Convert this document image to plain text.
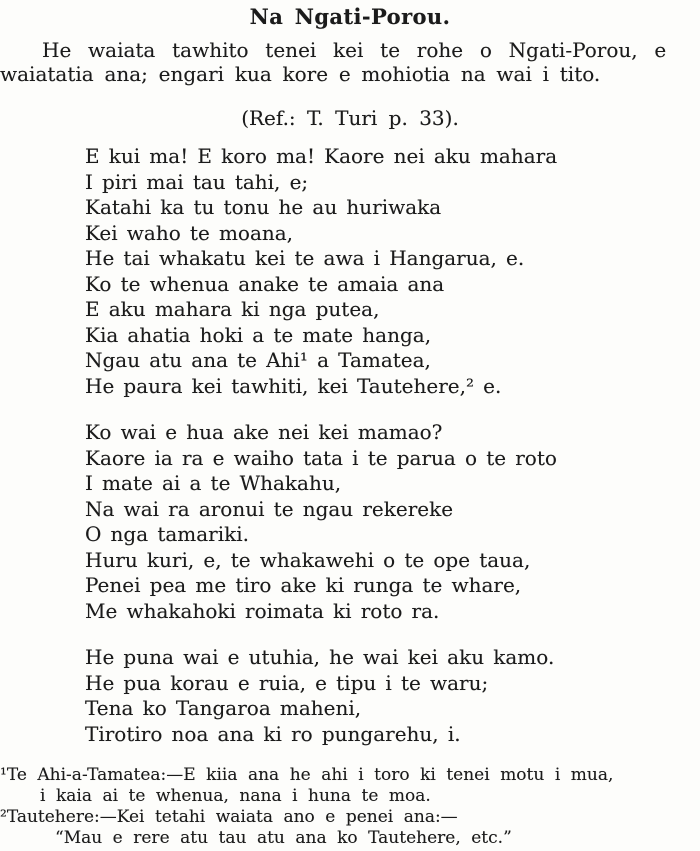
Na Ngati-Porou.
He waiata tawhito tenei kei te rohe o Ngati-Porou, e
waiatatia ana; engari kua kore e mohiotia na wai i tito.
(Ref.: T. Turi p. 33).
E kui ma! E koro ma! Kaore nei aku mahara
I piri mai tau tahi, e;
Katahi ka tu tonu he au huriwaka
Kei waho te moana,
He tai whakatu kei te awa i Hangarua, e.
Ko te whenua anake te amaia ana
E aku mahara ki nga putea,
Kia ahatia hoki a te mate hanga,
Ngau atu ana te Ahi¹ a Tamatea,
He paura kei tawhiti, kei Tautehere,² e.
Ko wai e hua ake nei kei mamao?
Kaore ia ra e waiho tata i te parua o te roto
I mate ai a te Whakahu,
Na wai ra aronui te ngau rekereke
O nga tamariki.
Huru kuri, e, te whakawehi o te ope taua,
Penei pea me tiro ake ki runga te whare,
Me whakahoki roimata ki roto ra.
He puna wai e utuhia, he wai kei aku kamo.
He pua korau e ruia, e tipu i te waru;
Tena ko Tangaroa maheni,
Tirotiro noa ana ki ro pungarehu, i.
¹Te Ahi-a-Tamatea:—E kiia ana he ahi i toro ki tenei motu i mua,
i kaia ai te whenua, nana i huna te moa.
²Tautehere:—Kei tetahi waiata ano e penei ana:—
“Mau e rere atu tau atu ana ko Tautehere, etc.”
